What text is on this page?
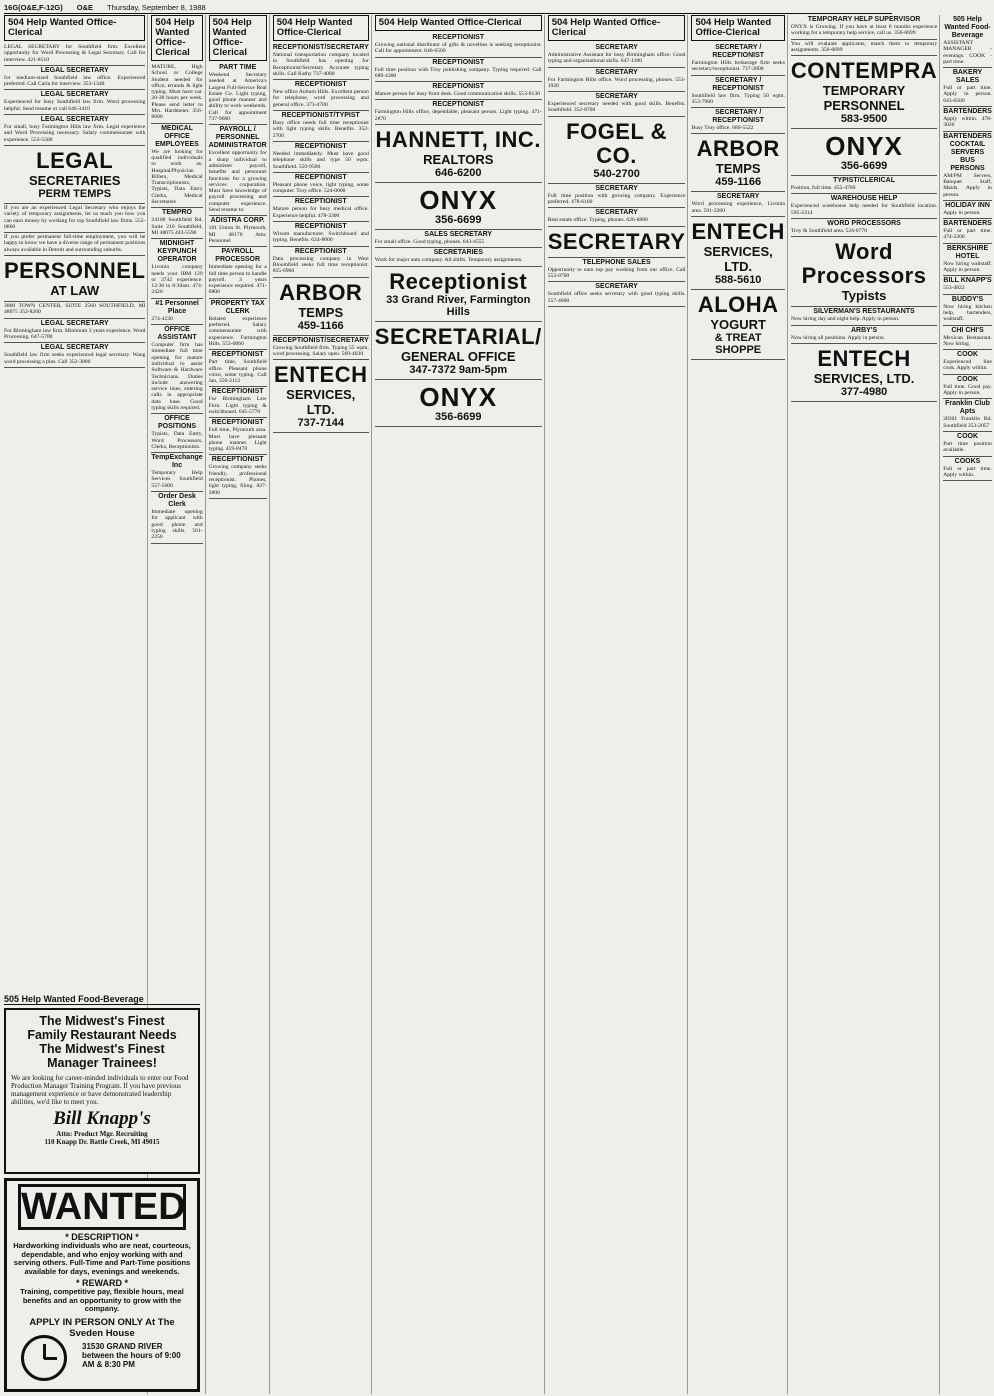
16G(O&E,F-12G) O&E Thursday, September 8, 1988
504 Help Wanted Office-Clerical
LEGAL SECRETARY for Southfield firm. Excellent opportunity for Word Processing & Legal Secretary. Call for interview. 421-8510
LEGAL SECRETARY
for medium-sized Southfield law office. Experienced preferred. Call Carla for interview. 353-1340
LEGAL SECRETARY
Experienced for busy Southfield law firm. Word processing helpful. Send resume or call 646-3410
LEGAL SECRETARY
For small, busy Farmington Hills law firm. Legal experience and Word Processing necessary. Salary commensurate with experience. 553-5500
LEGAL
SECRETARIES
PERM TEMPS
If you are an experienced Legal Secretary who enjoys the variety of temporary assignments, let us teach you how you can earn money by working for top Southfield law firms. 552-0660
If you prefer permanent full-time employment, you will be happy to know we have a diverse range of permanent positions always available in Detroit and surrounding suburbs.
PERSONNEL
AT LAW
3000 TOWN CENTER, SUITE 2560 SOUTHFIELD, MI 48075 352-8260
LEGAL SECRETARY
For Birmingham law firm. Minimum 3 years experience. Word Processing. 647-5700
LEGAL SECRETARY
Southfield law firm seeks experienced legal secretary. Wang word processing a plus. Call 352-3800
504 Help Wanted Office-Clerical
MATURE, High School or College Student needed for office, errands & light typing. Must have car. 20-30 hours per week. Please send letter to Mrs. Hardmeier. 356-8000
MEDICAL OFFICE EMPLOYEES
We are looking for qualified individuals to work as: Hospital/Physician Billers, Medical Transcriptionists, Typists, Data Entry Clerks, Medical Secretaries
TEMPRO
24100 Southfield Rd. Suite 210 Southfield, MI 48075 443-5590
MIDNIGHT KEYPUNCH OPERATOR
Livonia company needs your IBM 129 or 3742 experience. 12:30 to 8:30am. 474-2420
#1 Personnel Place
274-4230
OFFICE ASSISTANT
Computer firm has immediate full time opening for mature individual to assist Software & Hardware Technicians. Duties include answering service lines, entering calls in appropriate data base. Good typing skills required.
OFFICE POSITIONS
Typists, Data Entry, Word Processors, Clerks, Receptionists.
TempExchange Inc
Temporary Help Services Southfield 557-5600
Order Desk Clerk
Immediate opening for applicant with good phone and typing skills. 561-2250
504 Help Wanted Office-Clerical
PART TIME
Weekend Secretary needed at America's Largest Full-Service Real Estate Co. Light typing, good phone manner and ability to work weekends. Call for appointment 737-9600
PAYROLL / PERSONNEL ADMINISTRATOR
Excellent opportunity for a sharp individual to administer payroll, benefits and personnel functions for a growing services corporation. Must have knowledge of payroll processing and computer experience. Send resume to:
ADISTRA CORP.
101 Union St. Plymouth, MI 48170 Attn: Personnel
PAYROLL PROCESSOR
Immediate opening for a full time person to handle payroll. 3 years experience required. 471-0800
PROPERTY TAX CLERK
Related experience preferred. Salary commensurate with experience. Farmington Hills. 553-0060
RECEPTIONIST
Part time, Southfield office. Pleasant phone voice, some typing. Call Jan, 356-2112
RECEPTIONIST
For Birmingham Law Firm. Light typing & switchboard. 645-5770
RECEPTIONIST
Full time, Plymouth area. Must have pleasant phone manner. Light typing. 459-8470
RECEPTIONIST
Growing company seeks friendly, professional receptionist. Phones, light typing, filing. 827-3800
504 Help Wanted Office-Clerical
RECEPTIONIST/SECRETARY
National transportation company located in Southfield has opening for Receptionist/Secretary. Accurate typing skills. Call Kathy 737-4080
RECEPTIONIST
New office Auburn Hills. Excellent person for telephone, word processing and general office. 373-4700
RECEPTIONIST/TYPIST
Busy office needs full time receptionist with light typing skills. Benefits. 352-2700
RECEPTIONIST
Needed immediately. Must have good telephone skills and type 50 wpm. Southfield. 559-9500
RECEPTIONIST
Pleasant phone voice, light typing, some computer. Troy office. 524-0000
RECEPTIONIST
Mature person for busy medical office. Experience helpful. 478-3300
RECEPTIONIST
Wixom manufacturer. Switchboard and typing. Benefits. 624-8000
RECEPTIONIST
Data processing company in West Bloomfield seeks full time receptionist. 855-6900
ARBOR
TEMPS
459-1166
RECEPTIONIST/SECRETARY
Growing Southfield firm. Typing 55 wpm, word processing. Salary open. 569-4030
ENTECH
SERVICES, LTD.
737-7144
504 Help Wanted Office-Clerical
RECEPTIONIST
Growing national distributor of gifts & novelties is seeking receptionist. Call for appointment. 646-6500
RECEPTIONIST
Full time position with Troy publishing company. Typing required. Call 689-4300
RECEPTIONIST
Mature person for busy front desk. Good communication skills. 553-8130
RECEPTIONIST
Farmington Hills office, dependable, pleasant person. Light typing. 471-2870
HANNETT, INC.
REALTORS
646-6200
ONYX
356-6699
SALES SECRETARY
For small office. Good typing, phones. 643-4555
SECRETARIES
Work for major auto company. All shifts. Temporary assignments.
Receptionist
33 Grand River, Farmington Hills
SECRETARIAL/
GENERAL OFFICE
347-7372 9am-5pm
ONYX
356-6699
504 Help Wanted Office-Clerical
SECRETARY
Administrative Assistant for busy Birmingham office. Good typing and organizational skills. 647-1100
SECRETARY
For Farmington Hills office. Word processing, phones. 553-1920
SECRETARY
Experienced secretary needed with good skills. Benefits. Southfield. 352-8700
FOGEL & CO.
540-2700
SECRETARY
Full time position with growing company. Experience preferred. 478-6160
SECRETARY
Real estate office. Typing, phones. 626-8800
SECRETARY
TELEPHONE SALES
Opportunity to earn top pay working from our office. Call 553-0700
SECRETARY
Southfield office seeks secretary with good typing skills. 557-4000
504 Help Wanted Office-Clerical
SECRETARY / RECEPTIONIST
Farmington Hills brokerage firm seeks secretary/receptionist. 737-2800
SECRETARY / RECEPTIONIST
Southfield law firm. Typing 50 wpm. 353-7900
SECRETARY / RECEPTIONIST
Busy Troy office. 689-5522
ARBOR
TEMPS
459-1166
SECRETARY
Word processing experience, Livonia area. 591-2200
ENTECH
SERVICES, LTD.
588-5610
ALOHA
YOGURT
& TREAT SHOPPE
TEMPORARY HELP SUPERVISOR
ONYX is Growing. If you have at least 6 months experience working for a temporary help service, call us. 356-6699
You will evaluate applicants, match them to temporary assignments. 356-6699
CONTEMPRA
TEMPORARY PERSONNEL
583-9500
ONYX
356-6699
TYPIST/CLERICAL
Position, full time. 455-4700
WAREHOUSE HELP
Experienced warehouse help needed for Southfield location. 595-2314
WORD PROCESSORS
Troy & Southfield area. 524-0770
Word Processors
Typists
SILVERMAN'S RESTAURANTS
Now hiring day and night help. Apply in person.
ARBY'S
Now hiring all positions. Apply in person.
ENTECH
SERVICES, LTD.
377-4980
505 Help Wanted Food-Beverage
ASSISTANT MANAGER - evenings. COOK - part time.
BAKERY SALES
Full or part time. Apply in person. 643-6500
BARTENDERS
Apply within. 478-3020
BARTENDERS COCKTAIL SERVERS BUS PERSONS
AM/PM Servers, Banquet Staff, Maids. Apply in person.
HOLIDAY INN
Apply in person.
BARTENDERS
Full or part time. 474-2200
BERKSHIRE HOTEL
Now hiring waitstaff. Apply in person.
BILL KNAPP'S
553-4822
BUDDY'S
Now hiring kitchen help, bartenders, waitstaff.
CHI CHI'S
Mexican Restaurant. Now hiring.
COOK
Experienced line cook. Apply within.
COOK
Full time. Good pay. Apply in person.
Franklin Club Apts
28301 Franklin Rd. Southfield 353-2057
COOK
Part time position available.
COOKS
Full or part time. Apply within.
505 Help Wanted Food-Beverage
The Midwest's Finest
Family Restaurant Needs
The Midwest's Finest
Manager Trainees!
We are looking for career-minded individuals to enter our Food Production Manager Training Program. If you have previous management experience or have demonstrated leadership abilities, we'd like to meet you.
Bill Knapp's
Attn: Product Mgr. Recruiting
110 Knapp Dr. Battle Creek, MI 49015
WANTED
* DESCRIPTION *
Hardworking individuals who are neat, courteous, dependable, and who enjoy working with and serving others. Full-Time and Part-Time positions available for days, evenings and weekends.
* REWARD *
Training, competitive pay, flexible hours, meal benefits and an opportunity to grow with the company.
APPLY IN PERSON ONLY At The Sveden House
31530 GRAND RIVER between the hours of 9:00 AM & 8:30 PM
